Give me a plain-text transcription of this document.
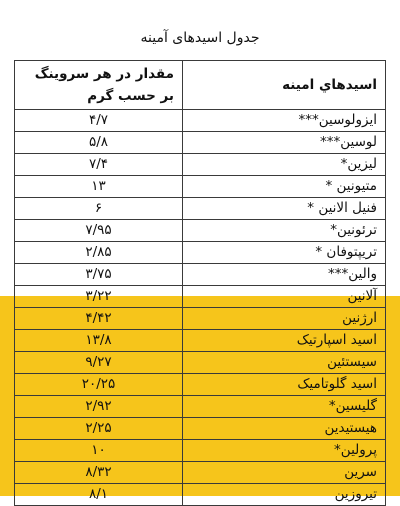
جدول اسیدهای آمینه
اسیدهاي امینه	مقدار در هر سروینگ بر حسب گرم
ایزولوسین***	۴/۷
لوسین***	۵/۸
لیزین*	۷/۴
متیونین *	۱۳
فنیل الانین *	۶
ترئونین*	۷/۹۵
تریپتوفان *	۲/۸۵
والین***	۳/۷۵
آلانین	۳/۲۲
ارژنین	۴/۴۲
اسید اسپارتیک	۱۳/۸
سیستئین	۹/۲۷
اسید گلوتامیک	۲۰/۲۵
گلیسین*	۲/۹۲
هیستیدین	۲/۲۵
پرولین*	۱۰
سرین	۸/۳۲
تیروزین	۸/۱
